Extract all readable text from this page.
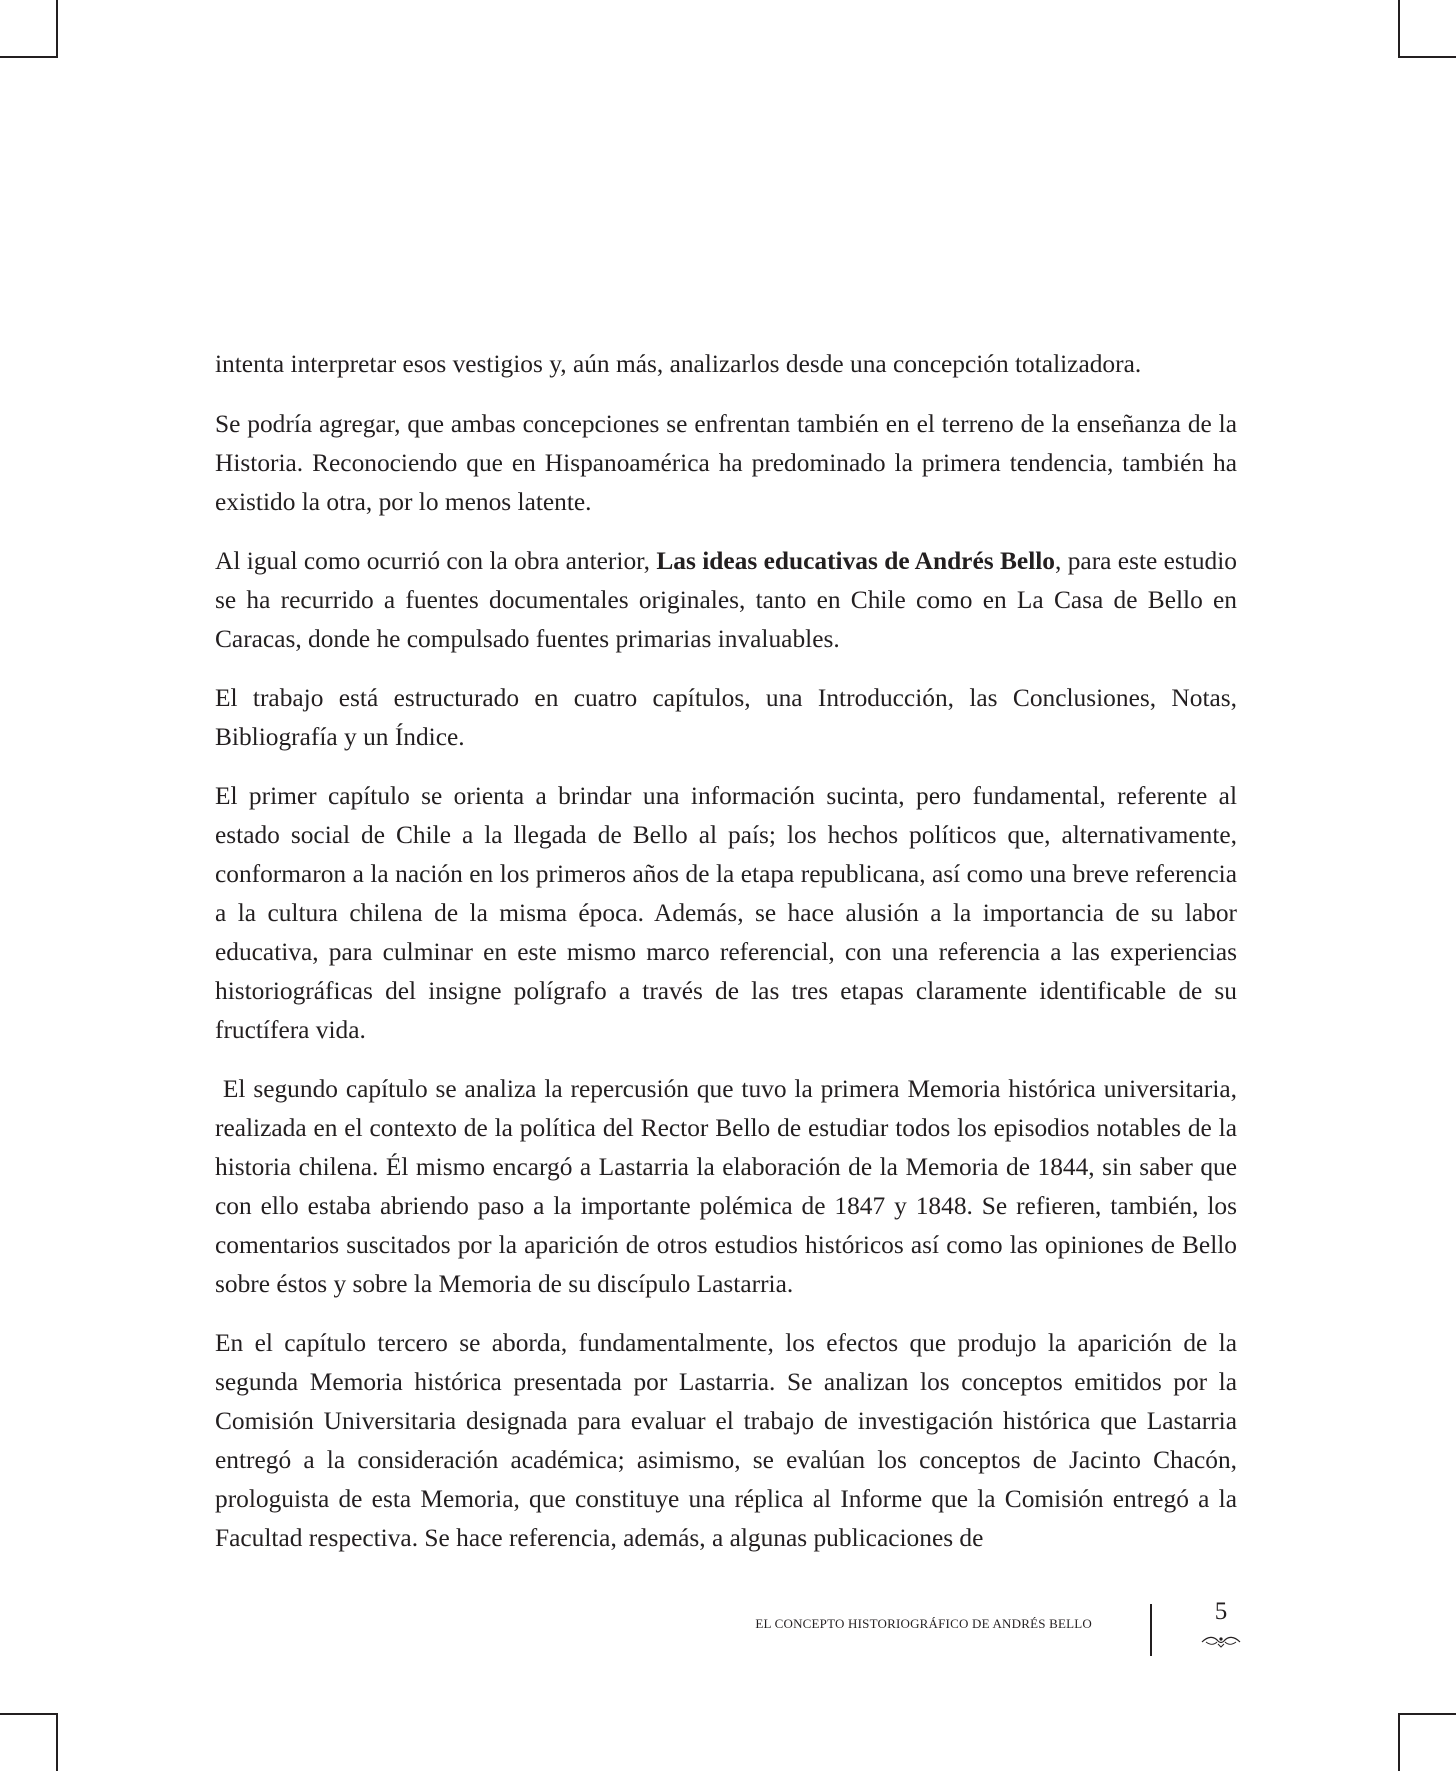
intenta interpretar esos vestigios y, aún más, analizarlos desde una concepción totalizadora.

Se podría agregar, que ambas concepciones se enfrentan también en el terreno de la enseñanza de la Historia. Reconociendo que en Hispanoamérica ha predominado la primera tendencia, también ha existido la otra, por lo menos latente.

Al igual como ocurrió con la obra anterior, Las ideas educativas de Andrés Bello, para este estudio se ha recurrido a fuentes documentales originales, tanto en Chile como en La Casa de Bello en Caracas, donde he compulsado fuentes primarias invaluables.

El trabajo está estructurado en cuatro capítulos, una Introducción, las Conclusiones, Notas, Bibliografía y un Índice.

El primer capítulo se orienta a brindar una información sucinta, pero fundamental, referente al estado social de Chile a la llegada de Bello al país; los hechos políticos que, alternativamente, conformaron a la nación en los primeros años de la etapa republicana, así como una breve referencia a la cultura chilena de la misma época. Además, se hace alusión a la importancia de su labor educativa, para culminar en este mismo marco referencial, con una referencia a las experiencias historiográficas del insigne polígrafo a través de las tres etapas claramente identificable de su fructífera vida.

El segundo capítulo se analiza la repercusión que tuvo la primera Memoria histórica universitaria, realizada en el contexto de la política del Rector Bello de estudiar todos los episodios notables de la historia chilena. Él mismo encargó a Lastarria la elaboración de la Memoria de 1844, sin saber que con ello estaba abriendo paso a la importante polémica de 1847 y 1848. Se refieren, también, los comentarios suscitados por la aparición de otros estudios históricos así como las opiniones de Bello sobre éstos y sobre la Memoria de su discípulo Lastarria.

En el capítulo tercero se aborda, fundamentalmente, los efectos que produjo la aparición de la segunda Memoria histórica presentada por Lastarria. Se analizan los conceptos emitidos por la Comisión Universitaria designada para evaluar el trabajo de investigación histórica que Lastarria entregó a la consideración académica; asimismo, se evalúan los conceptos de Jacinto Chacón, prologuista de esta Memoria, que constituye una réplica al Informe que la Comisión entregó a la Facultad respectiva. Se hace referencia, además, a algunas publicaciones de

EL CONCEPTO HISTORIOGRÁFICO DE ANDRÉS BELLO	5
